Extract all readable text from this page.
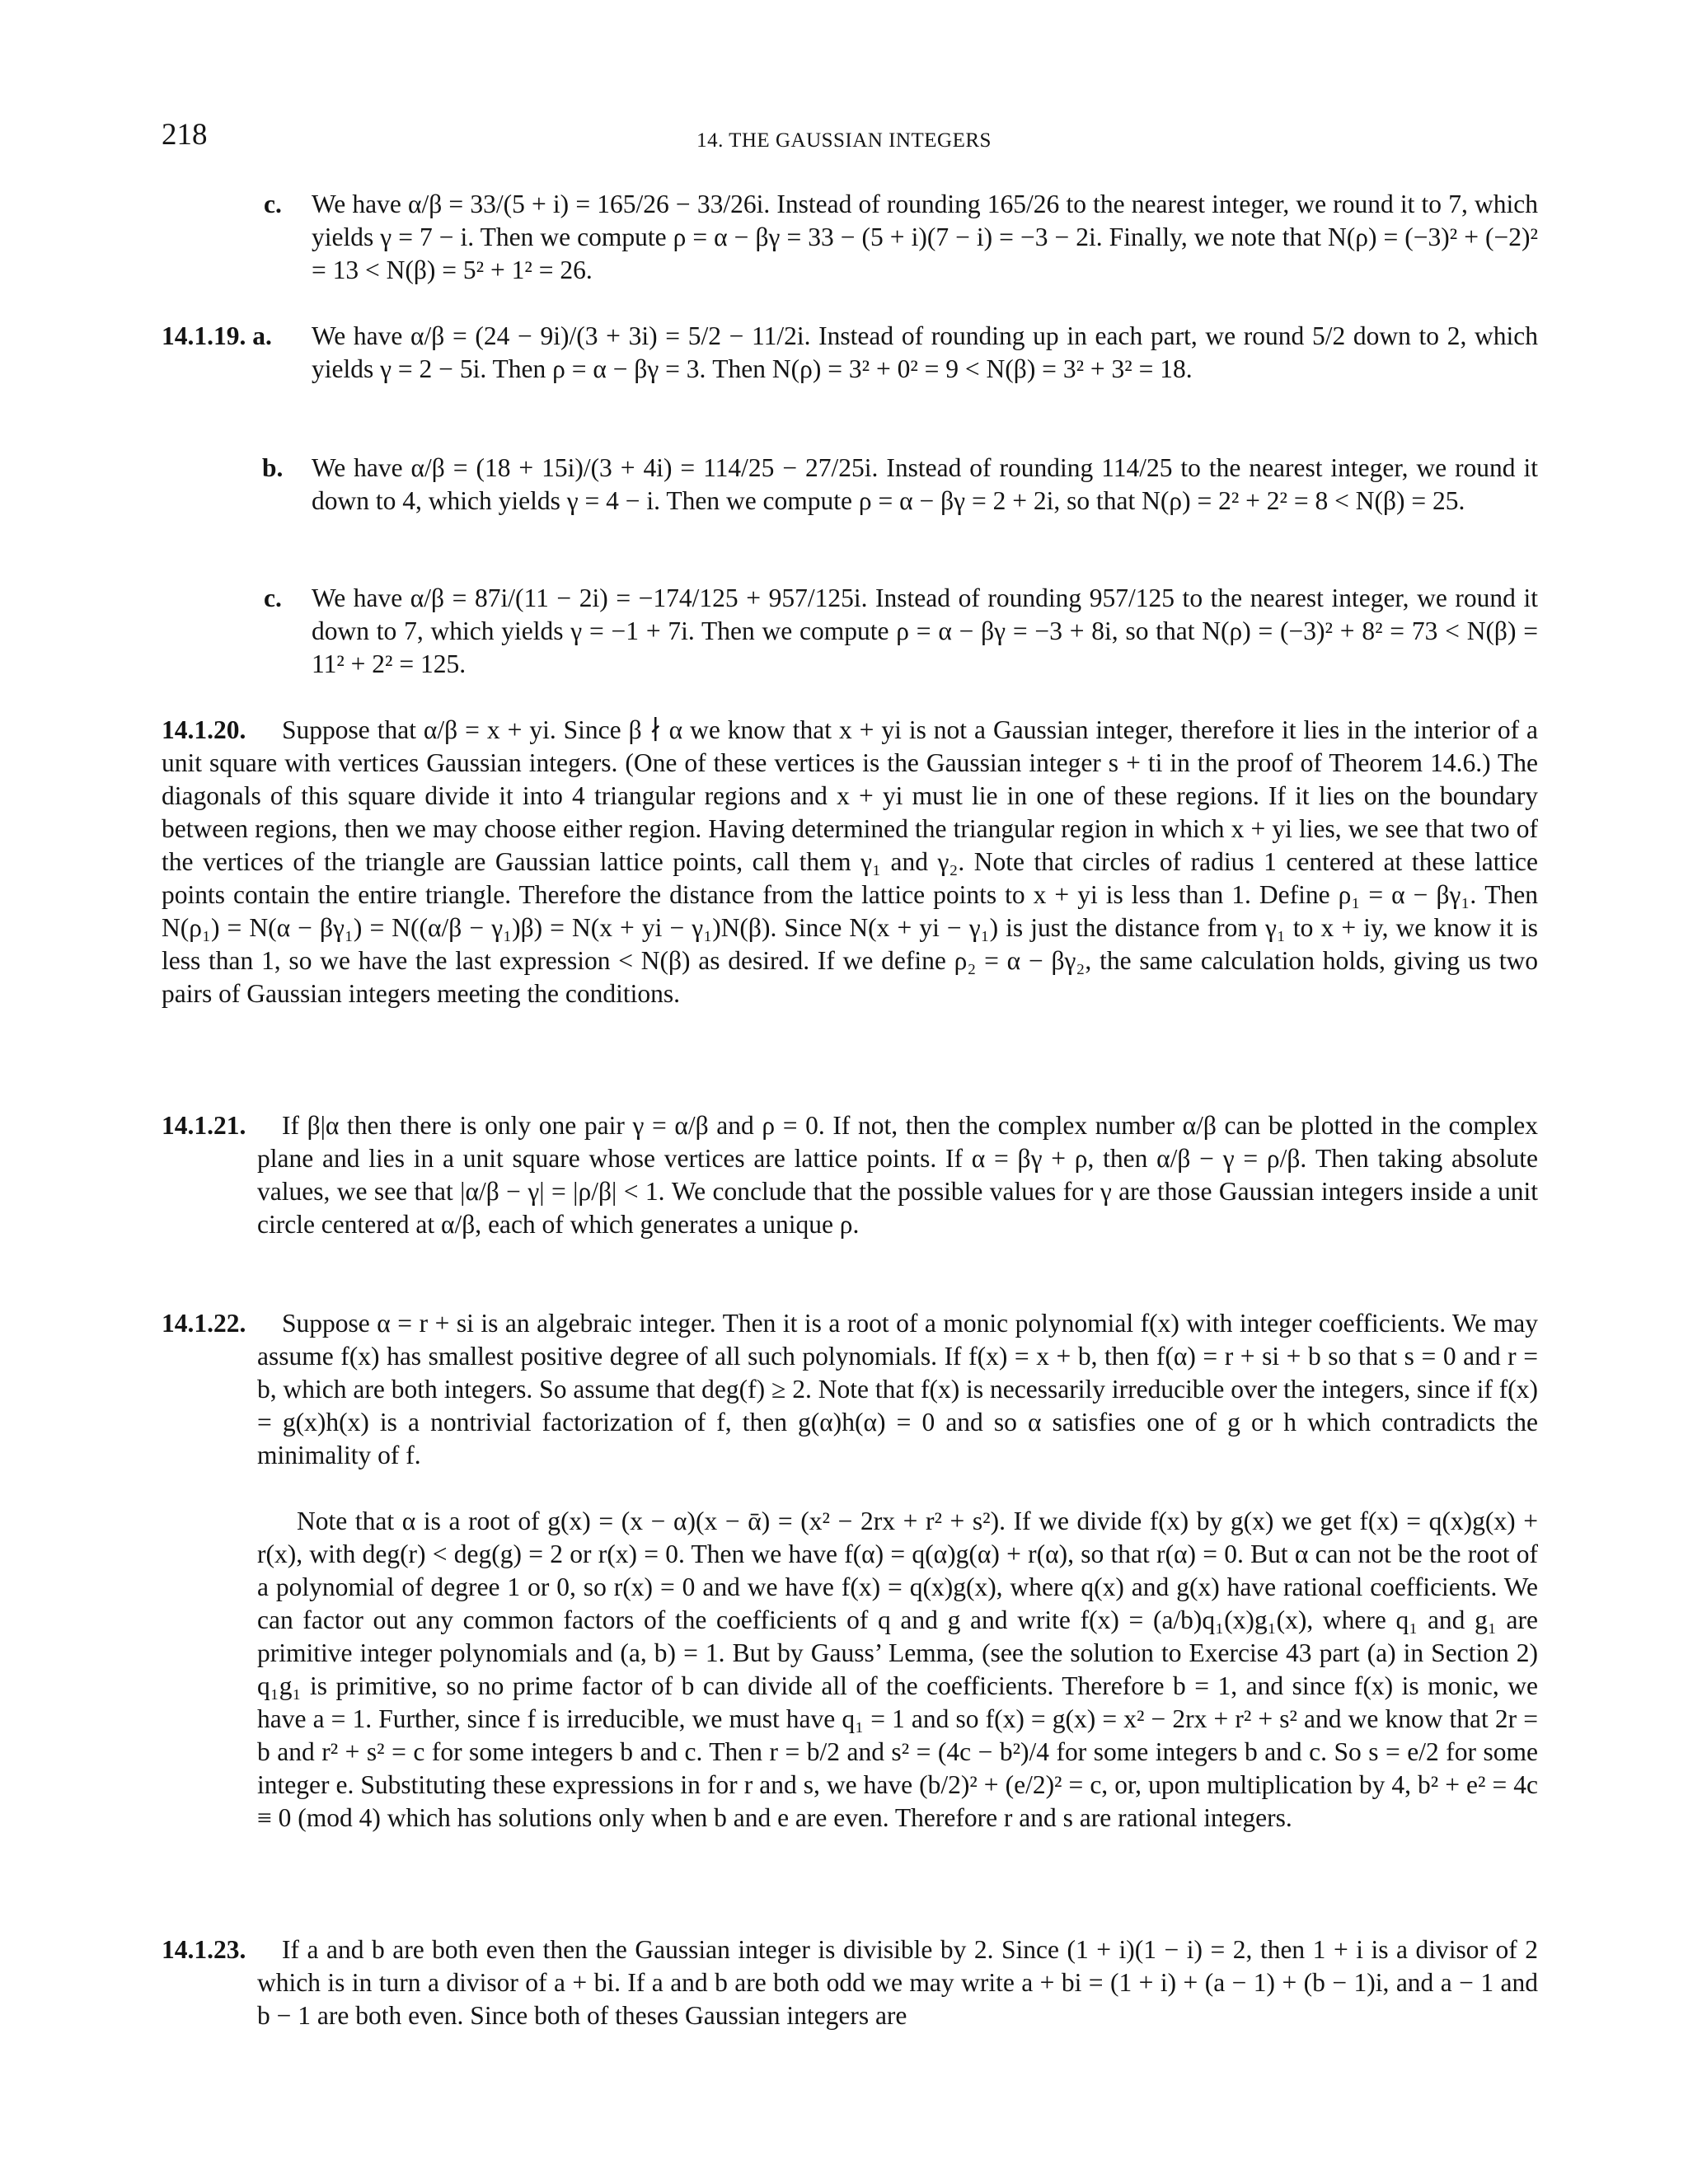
218	14. THE GAUSSIAN INTEGERS
c. We have α/β = 33/(5 + i) = 165/26 − 33/26i. Instead of rounding 165/26 to the nearest integer, we round it to 7, which yields γ = 7 − i. Then we compute ρ = α − βγ = 33 − (5 + i)(7 − i) = −3 − 2i. Finally, we note that N(ρ) = (−3)² + (−2)² = 13 < N(β) = 5² + 1² = 26.
14.1.19. a. We have α/β = (24 − 9i)/(3 + 3i) = 5/2 − 11/2i. Instead of rounding up in each part, we round 5/2 down to 2, which yields γ = 2 − 5i. Then ρ = α − βγ = 3. Then N(ρ) = 3² + 0² = 9 < N(β) = 3² + 3² = 18.
b. We have α/β = (18 + 15i)/(3 + 4i) = 114/25 − 27/25i. Instead of rounding 114/25 to the nearest integer, we round it down to 4, which yields γ = 4 − i. Then we compute ρ = α − βγ = 2 + 2i, so that N(ρ) = 2² + 2² = 8 < N(β) = 25.
c. We have α/β = 87i/(11 − 2i) = −174/125 + 957/125i. Instead of rounding 957/125 to the nearest integer, we round it down to 7, which yields γ = −1 + 7i. Then we compute ρ = α − βγ = −3 + 8i, so that N(ρ) = (−3)² + 8² = 73 < N(β) = 11² + 2² = 125.
14.1.20.	Suppose that α/β = x + yi. Since β ∤ α we know that x + yi is not a Gaussian integer, therefore it lies in the interior of a unit square with vertices Gaussian integers. (One of these vertices is the Gaussian integer s + ti in the proof of Theorem 14.6.) The diagonals of this square divide it into 4 triangular regions and x + yi must lie in one of these regions. If it lies on the boundary between regions, then we may choose either region. Having determined the triangular region in which x + yi lies, we see that two of the vertices of the triangle are Gaussian lattice points, call them γ₁ and γ₂. Note that circles of radius 1 centered at these lattice points contain the entire triangle. Therefore the distance from the lattice points to x + yi is less than 1. Define ρ₁ = α − βγ₁. Then N(ρ₁) = N(α − βγ₁) = N((α/β − γ₁)β) = N(x + yi − γ₁)N(β). Since N(x + yi − γ₁) is just the distance from γ₁ to x + iy, we know it is less than 1, so we have the last expression < N(β) as desired. If we define ρ₂ = α − βγ₂, the same calculation holds, giving us two pairs of Gaussian integers meeting the conditions.
14.1.21.	If β|α then there is only one pair γ = α/β and ρ = 0. If not, then the complex number α/β can be plotted in the complex plane and lies in a unit square whose vertices are lattice points. If α = βγ + ρ, then α/β − γ = ρ/β. Then taking absolute values, we see that |α/β − γ| = |ρ/β| < 1. We conclude that the possible values for γ are those Gaussian integers inside a unit circle centered at α/β, each of which generates a unique ρ.
14.1.22.	Suppose α = r + si is an algebraic integer. Then it is a root of a monic polynomial f(x) with integer coefficients. We may assume f(x) has smallest positive degree of all such polynomials. If f(x) = x + b, then f(α) = r + si + b so that s = 0 and r = b, which are both integers. So assume that deg(f) ≥ 2. Note that f(x) is necessarily irreducible over the integers, since if f(x) = g(x)h(x) is a nontrivial factorization of f, then g(α)h(α) = 0 and so α satisfies one of g or h which contradicts the minimality of f.
Note that α is a root of g(x) = (x − α)(x − ᾱ) = (x² − 2rx + r² + s²). If we divide f(x) by g(x) we get f(x) = q(x)g(x) + r(x), with deg(r) < deg(g) = 2 or r(x) = 0. Then we have f(α) = q(α)g(α) + r(α), so that r(α) = 0. But α can not be the root of a polynomial of degree 1 or 0, so r(x) = 0 and we have f(x) = q(x)g(x), where q(x) and g(x) have rational coefficients. We can factor out any common factors of the coefficients of q and g and write f(x) = (a/b)q₁(x)g₁(x), where q₁ and g₁ are primitive integer polynomials and (a, b) = 1. But by Gauss’ Lemma, (see the solution to Exercise 43 part (a) in Section 2) q₁g₁ is primitive, so no prime factor of b can divide all of the coefficients. Therefore b = 1, and since f(x) is monic, we have a = 1. Further, since f is irreducible, we must have q₁ = 1 and so f(x) = g(x) = x² − 2rx + r² + s² and we know that 2r = b and r² + s² = c for some integers b and c. Then r = b/2 and s² = (4c − b²)/4 for some integers b and c. So s = e/2 for some integer e. Substituting these expressions in for r and s, we have (b/2)² + (e/2)² = c, or, upon multiplication by 4, b² + e² = 4c ≡ 0 (mod 4) which has solutions only when b and e are even. Therefore r and s are rational integers.
14.1.23.	If a and b are both even then the Gaussian integer is divisible by 2. Since (1 + i)(1 − i) = 2, then 1 + i is a divisor of 2 which is in turn a divisor of a + bi. If a and b are both odd we may write a + bi = (1 + i) + (a − 1) + (b − 1)i, and a − 1 and b − 1 are both even. Since both of theses Gaussian integers are
